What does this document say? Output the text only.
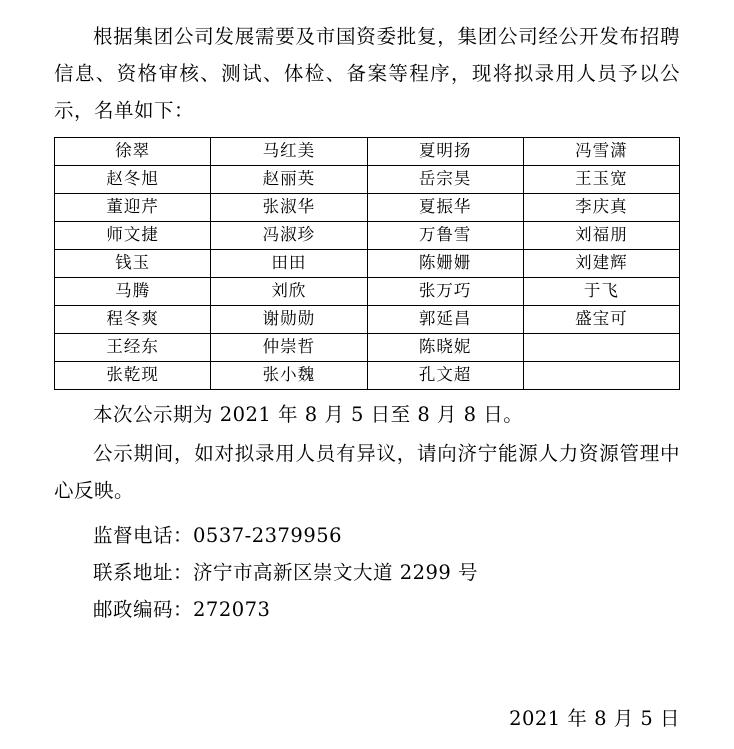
根据集团公司发展需要及市国资委批复，集团公司经公开发布招聘信息、资格审核、测试、体检、备案等程序，现将拟录用人员予以公示，名单如下：

徐翠	马红美	夏明扬	冯雪潇
赵冬旭	赵丽英	岳宗昊	王玉宽
董迎芹	张淑华	夏振华	李庆真
师文捷	冯淑珍	万鲁雪	刘福朋
钱玉	田田	陈姗姗	刘建辉
马腾	刘欣	张万巧	于飞
程冬爽	谢勋勋	郭延昌	盛宝可
王经东	仲崇哲	陈晓妮	
张乾现	张小魏	孔文超	

本次公示期为 2021 年 8 月 5 日至 8 月 8 日。

公示期间，如对拟录用人员有异议，请向济宁能源人力资源管理中心反映。

监督电话：0537-2379956

联系地址：济宁市高新区崇文大道 2299 号

邮政编码：272073

2021 年 8 月 5 日
